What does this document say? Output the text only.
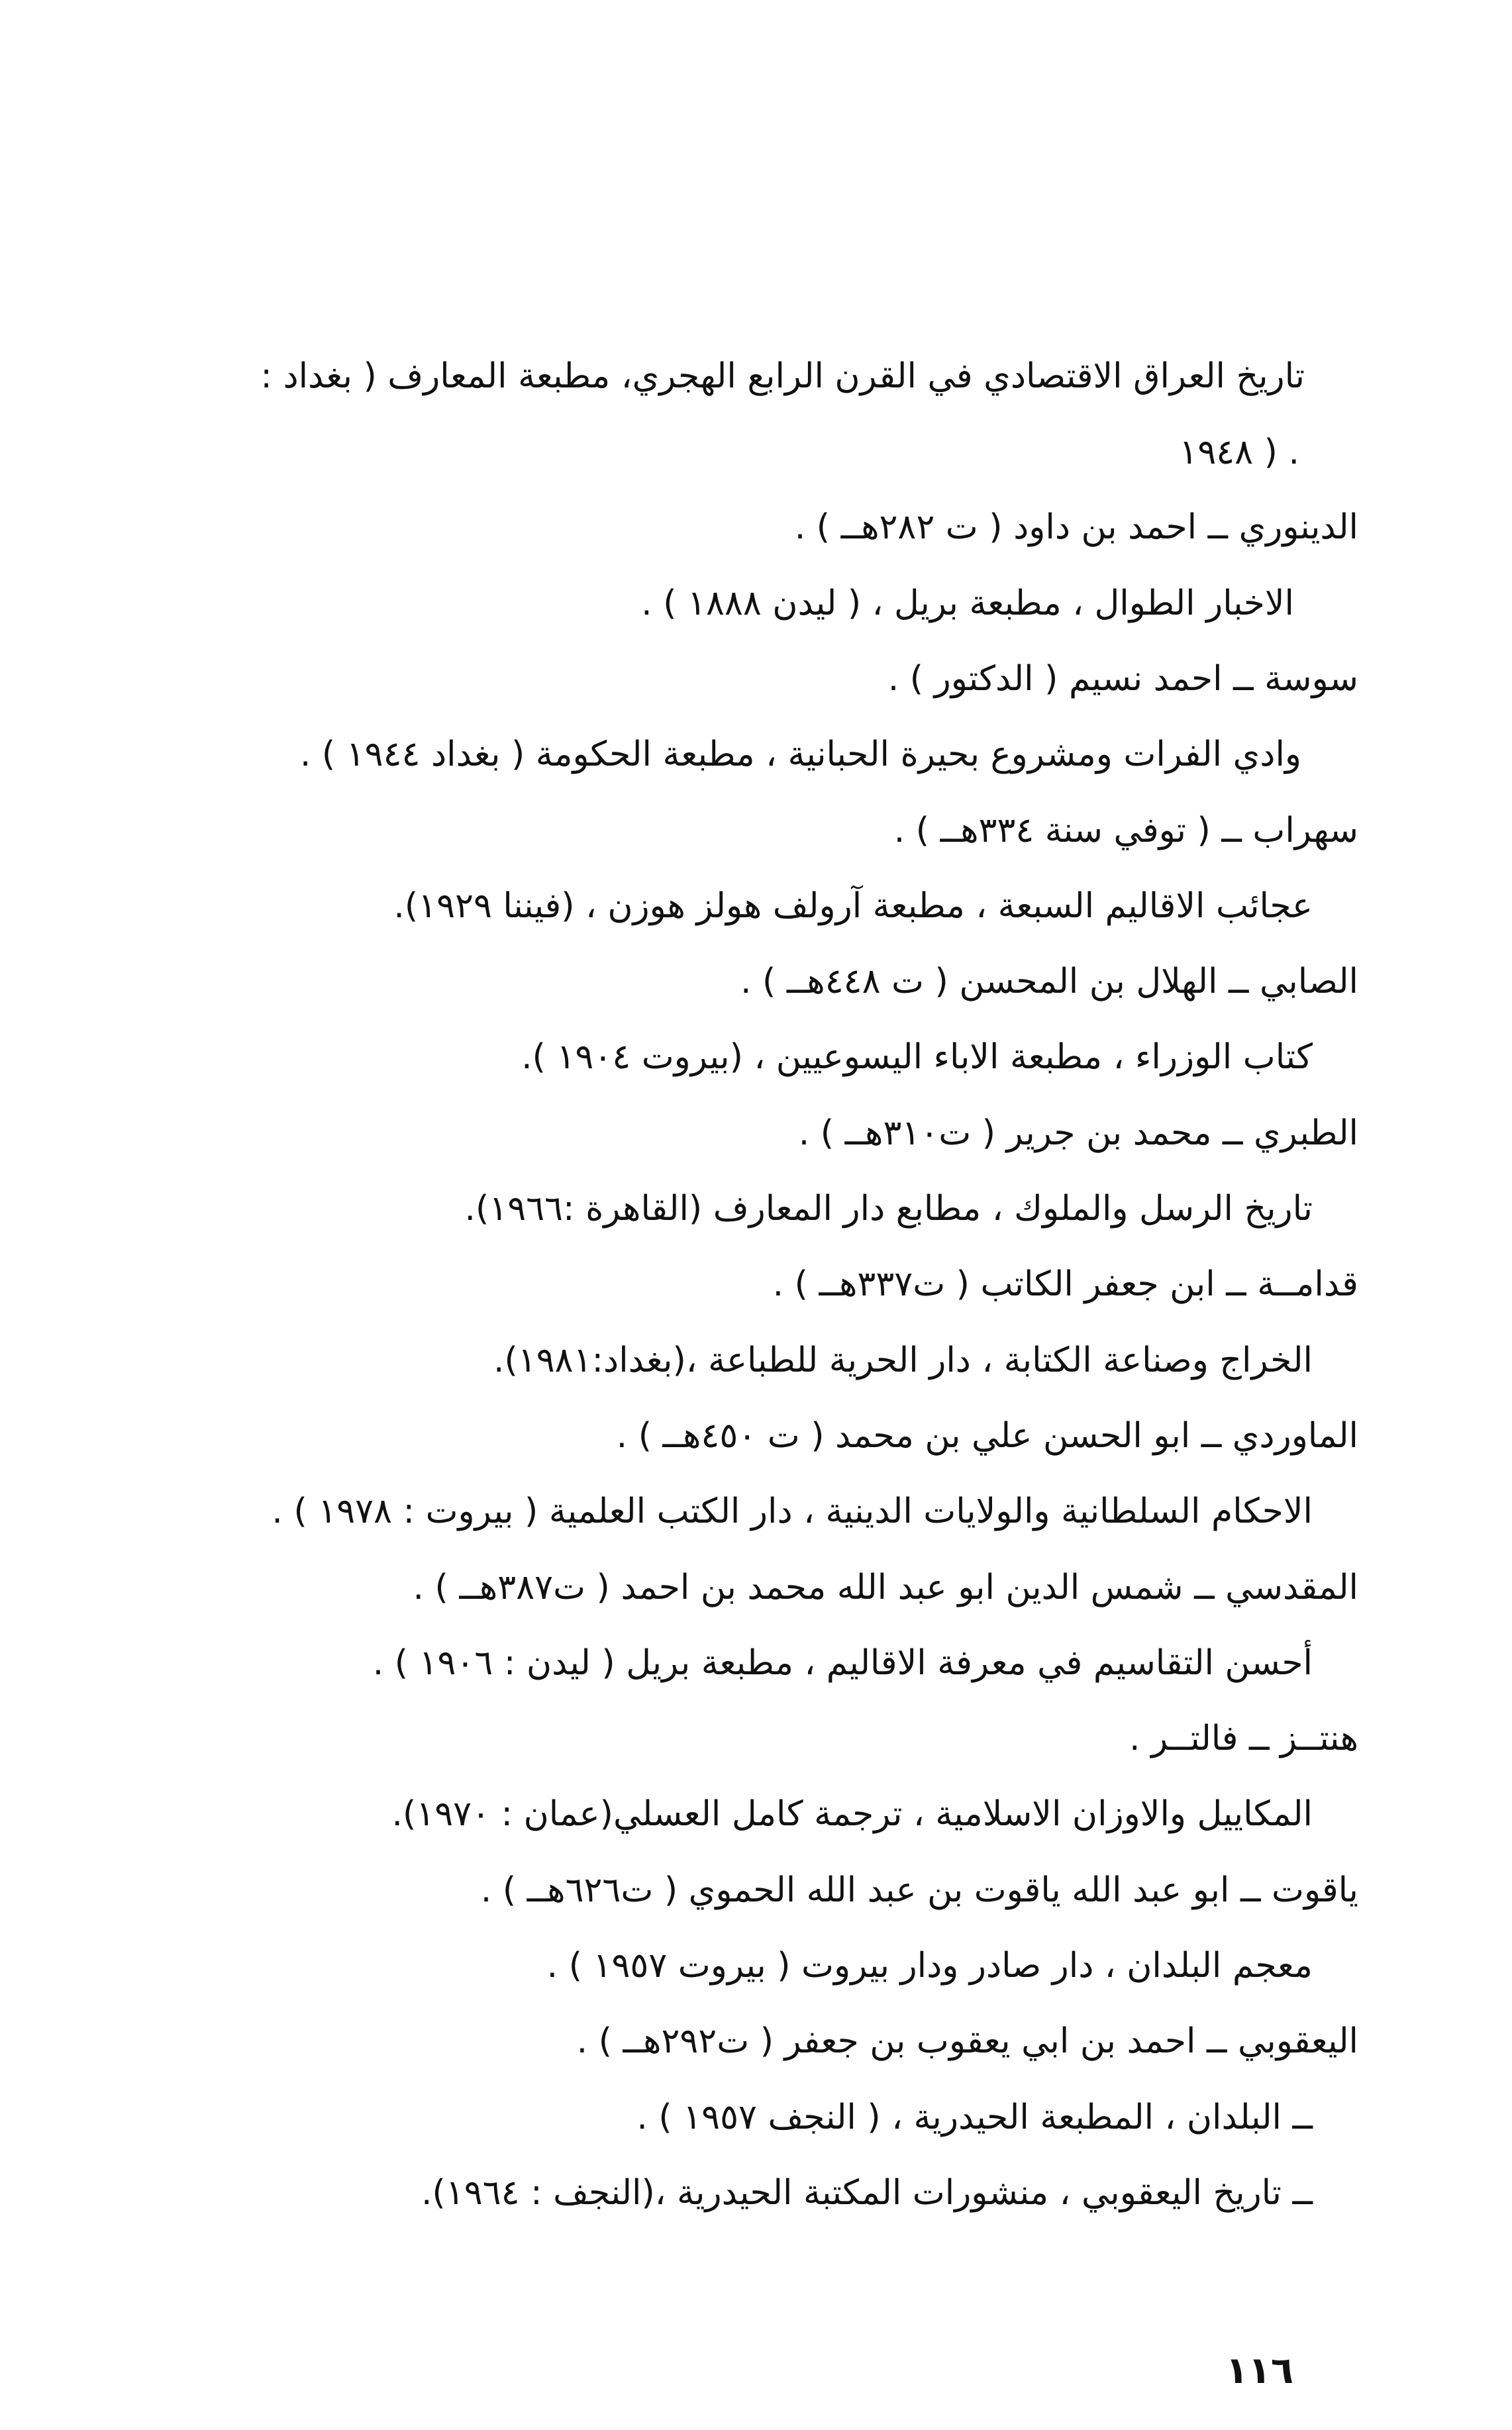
تاريخ العراق الاقتصادي في القرن الرابع الهجري، مطبعة المعارف ( بغداد :
١٩٤٨ ) .
الدينوري ــ احمد بن داود ( ت ٢٨٢هــ ) .
الاخبار الطوال ، مطبعة بريل ، ( ليدن ١٨٨٨ ) .
سوسة ــ احمد نسيم ( الدكتور ) .
وادي الفرات ومشروع بحيرة الحبانية ، مطبعة الحكومة ( بغداد ١٩٤٤ ) .
سهراب ــ ( توفي سنة ٣٣٤هــ ) .
عجائب الاقاليم السبعة ، مطبعة آرولف هولز هوزن ، (فيننا ١٩٢٩).
الصابي ــ الهلال بن المحسن ( ت ٤٤٨هــ ) .
كتاب الوزراء ، مطبعة الاباء اليسوعيين ، (بيروت ١٩٠٤ ).
الطبري ــ محمد بن جرير ( ت٣١٠هــ ) .
تاريخ الرسل والملوك ، مطابع دار المعارف (القاهرة :١٩٦٦).
قدامــة ــ ابن جعفر الكاتب ( ت٣٣٧هــ ) .
الخراج وصناعة الكتابة ، دار الحرية للطباعة ،(بغداد:١٩٨١).
الماوردي ــ ابو الحسن علي بن محمد ( ت ٤٥٠هــ ) .
الاحكام السلطانية والولايات الدينية ، دار الكتب العلمية ( بيروت : ١٩٧٨ ) .
المقدسي ــ شمس الدين ابو عبد الله محمد بن احمد ( ت٣٨٧هــ ) .
أحسن التقاسيم في معرفة الاقاليم ، مطبعة بريل ( ليدن : ١٩٠٦ ) .
هنتــز ــ فالتــر .
المكاييل والاوزان الاسلامية ، ترجمة كامل العسلي(عمان : ١٩٧٠).
ياقوت ــ ابو عبد الله ياقوت بن عبد الله الحموي ( ت٦٢٦هــ ) .
معجم البلدان ، دار صادر ودار بيروت ( بيروت ١٩٥٧ ) .
اليعقوبي ــ احمد بن ابي يعقوب بن جعفر ( ت٢٩٢هــ ) .
ــ البلدان ، المطبعة الحيدرية ، ( النجف ١٩٥٧ ) .
ــ تاريخ اليعقوبي ، منشورات المكتبة الحيدرية ،(النجف : ١٩٦٤).
١١٦
